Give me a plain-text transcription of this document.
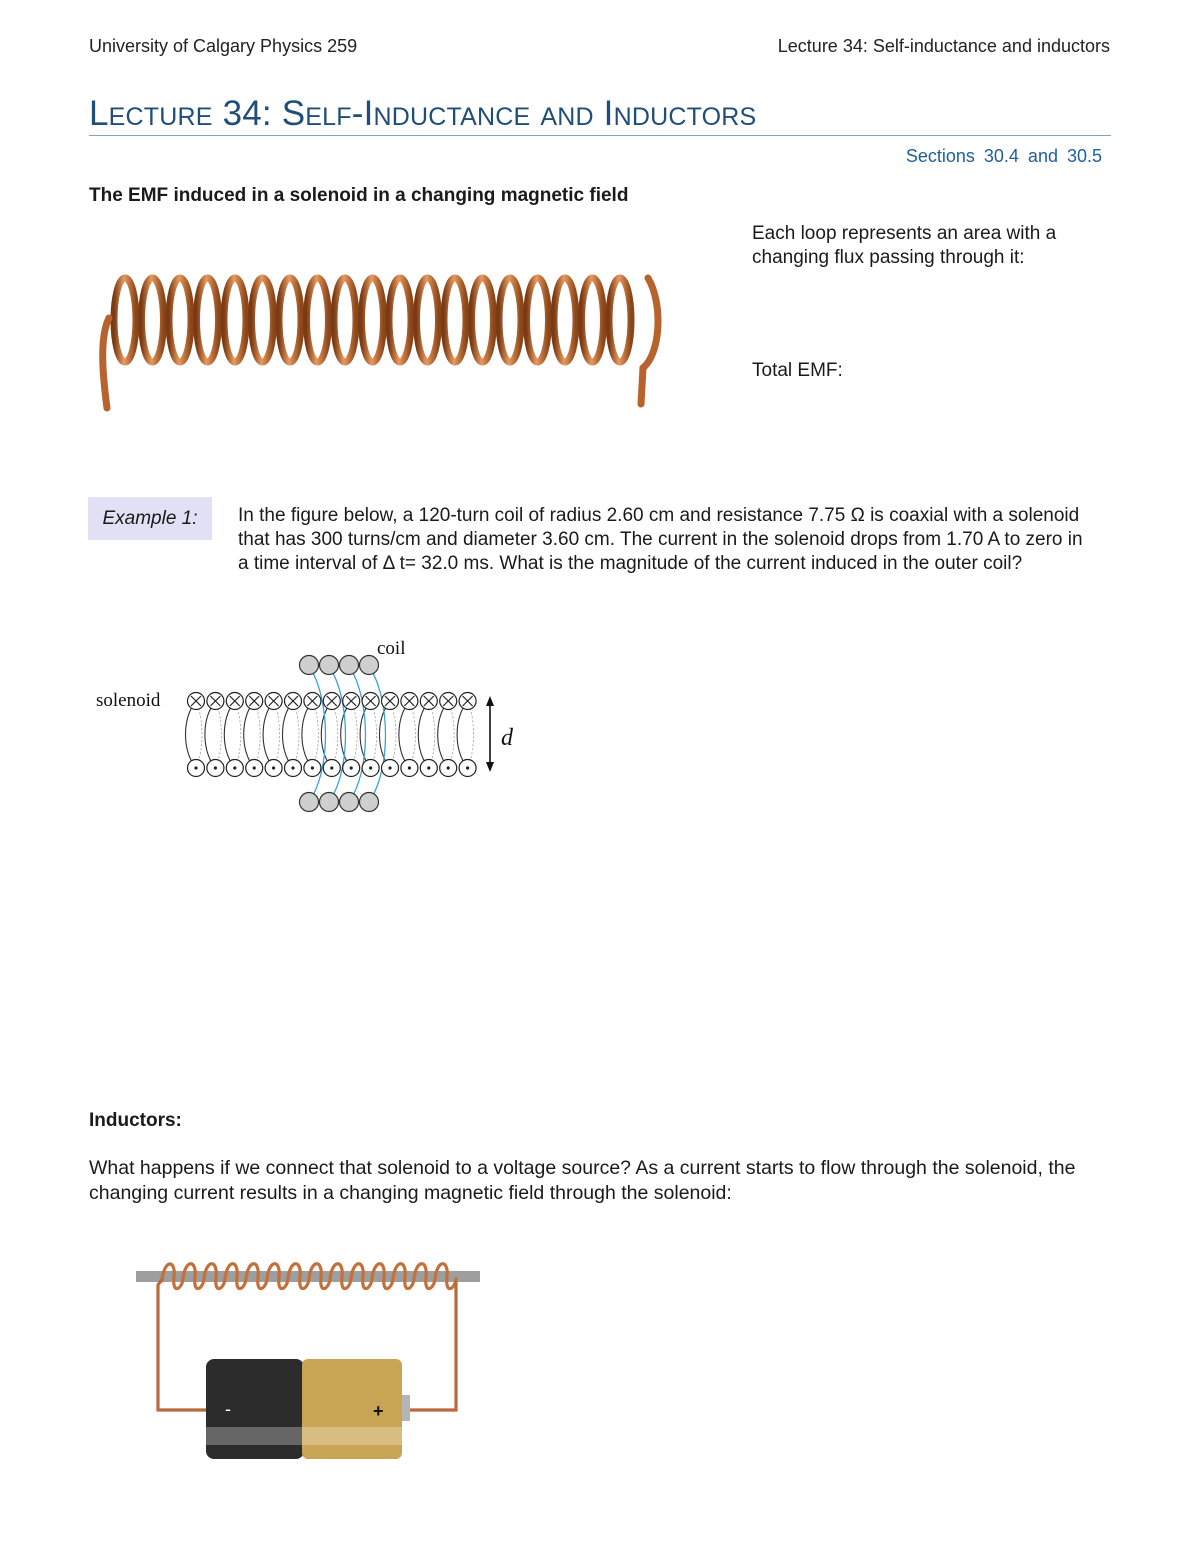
University of Calgary Physics 259	Lecture 34: Self-inductance and inductors
Lecture 34: Self-Inductance and Inductors
Sections 30.4 and 30.5
The EMF induced in a solenoid in a changing magnetic field
Each loop represents an area with a changing flux passing through it:
Total EMF:
Example 1:	In the figure below, a 120-turn coil of radius 2.60 cm and resistance 7.75 Ω is coaxial with a solenoid that has 300 turns/cm and diameter 3.60 cm. The current in the solenoid drops from 1.70 A to zero in a time interval of Δ t= 32.0 ms. What is the magnitude of the current induced in the outer coil?
solenoid
coil
d
Inductors:
What happens if we connect that solenoid to a voltage source? As a current starts to flow through the solenoid, the changing current results in a changing magnetic field through the solenoid:
-	+
